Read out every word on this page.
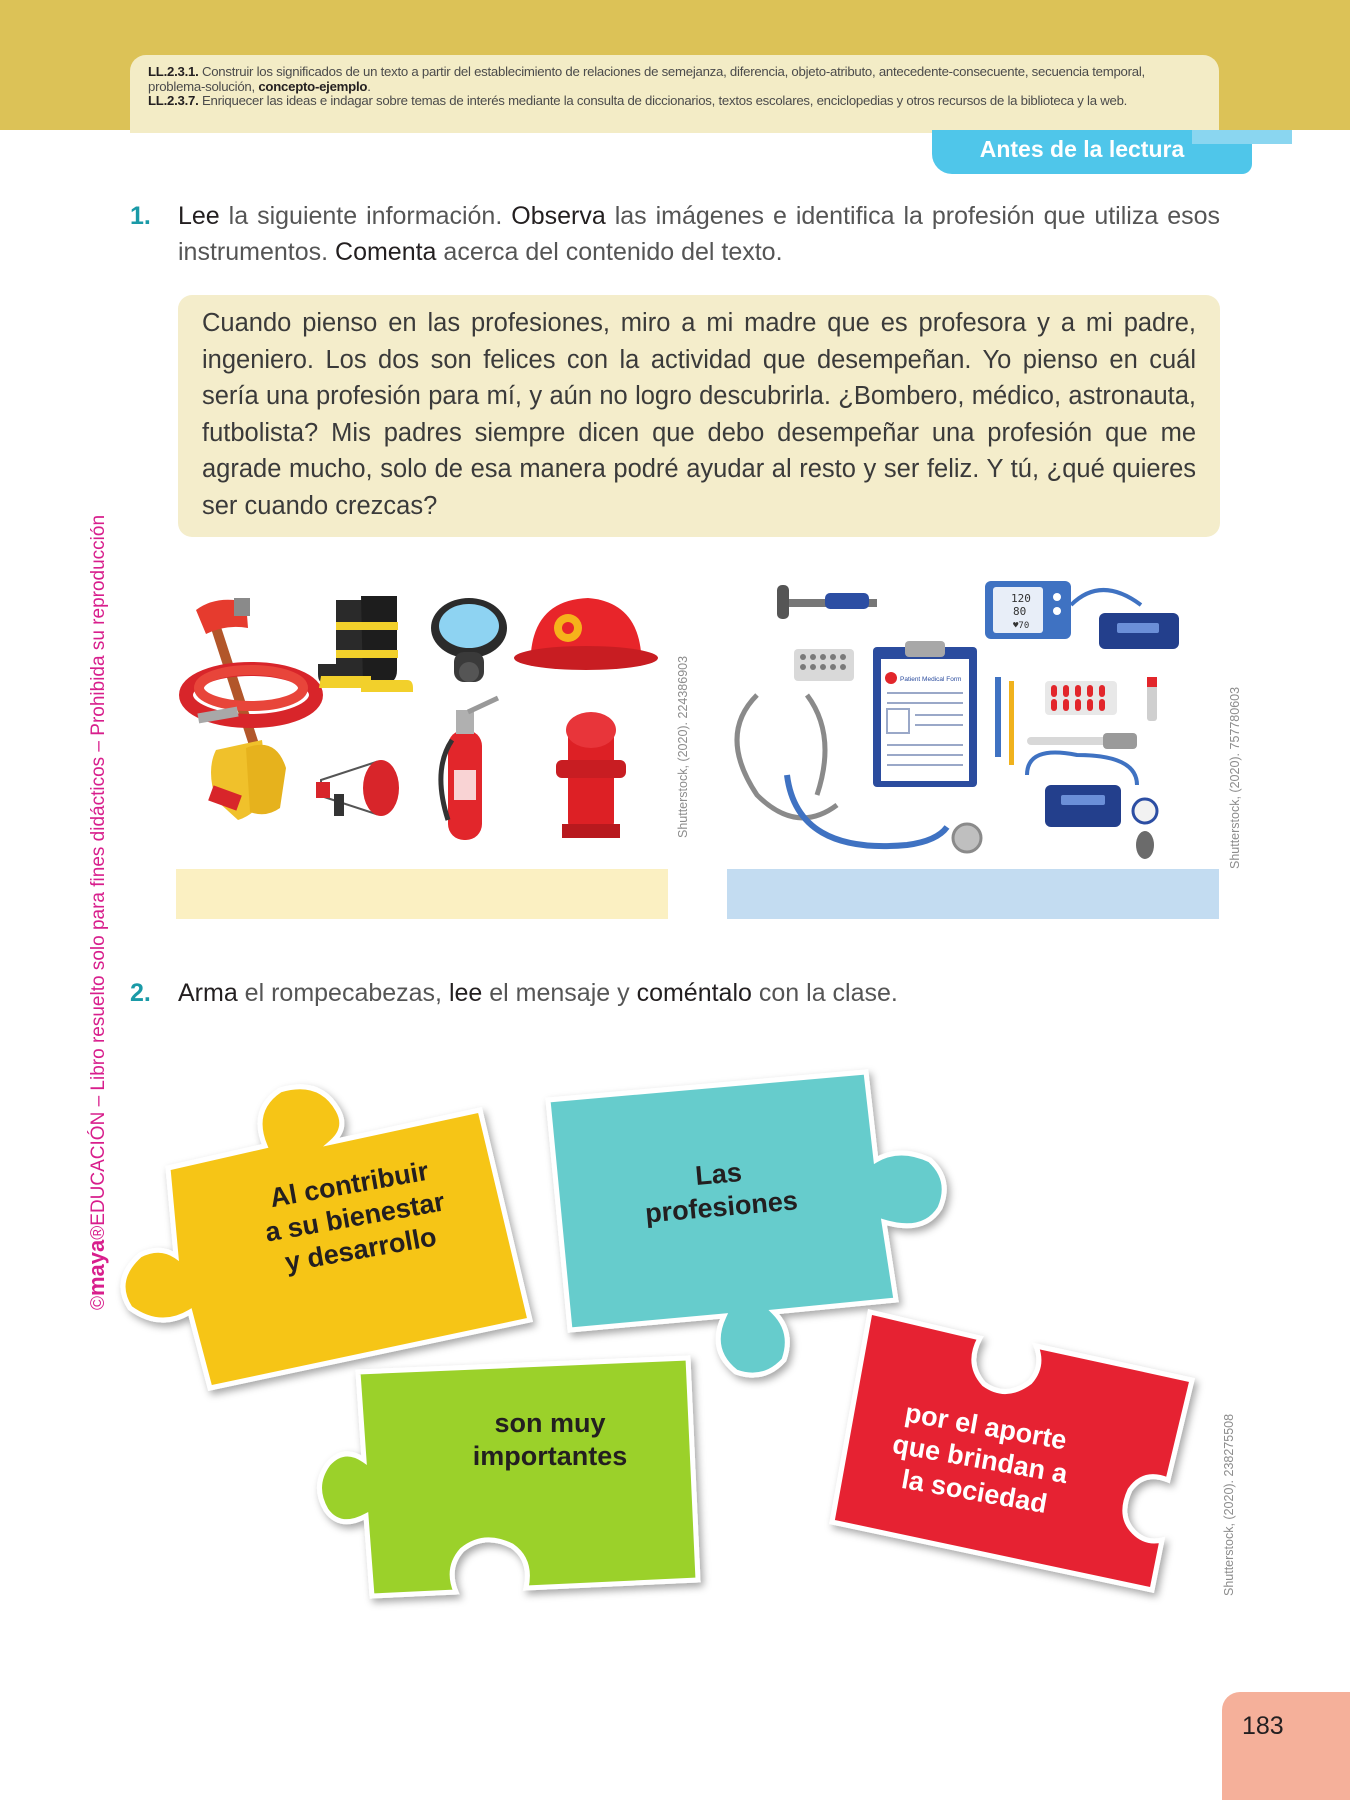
LL.2.3.1. Construir los significados de un texto a partir del establecimiento de relaciones de semejanza, diferencia, objeto-atributo, antecedente-consecuente, secuencia temporal, problema-solución, concepto-ejemplo.
LL.2.3.7. Enriquecer las ideas e indagar sobre temas de interés mediante la consulta de diccionarios, textos escolares, enciclopedias y otros recursos de la biblioteca y la web.
Antes de la lectura
©maya®EDUCACIÓN – Libro resuelto solo para fines didácticos – Prohibida su reproducción
1. Lee la siguiente información. Observa las imágenes e identifica la profesión que utiliza esos instrumentos. Comenta acerca del contenido del texto.
Cuando pienso en las profesiones, miro a mi madre que es profesora y a mi padre, ingeniero. Los dos son felices con la actividad que desempeñan. Yo pienso en cuál sería una profesión para mí, y aún no logro descubrirla. ¿Bombero, médico, astronauta, futbolista? Mis padres siempre dicen que debo desempeñar una profesión que me agrade mucho, solo de esa manera podré ayudar al resto y ser feliz. Y tú, ¿qué quieres ser cuando crezcas?
Shutterstock, (2020). 224386903
120
80
♥70
Patient Medical Form
Shutterstock, (2020). 757780603
2. Arma el rompecabezas, lee el mensaje y coméntalo con la clase.
Al contribuir
a su bienestar
y desarrollo
Las
profesiones
son muy
importantes
por el aporte
que brindan a
la sociedad	Shutterstock, (2020). 238275508
183
